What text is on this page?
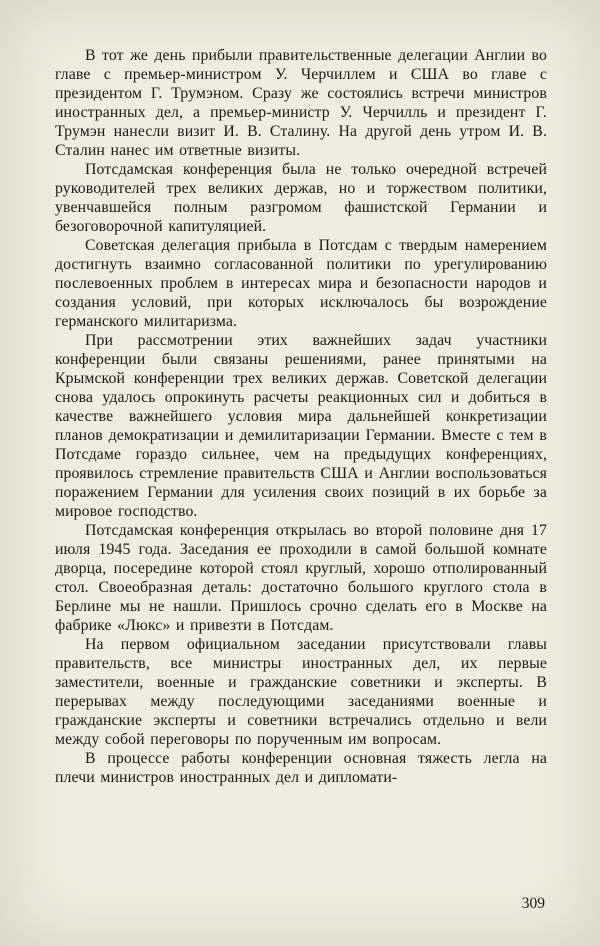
В тот же день прибыли правительственные делегации Англии во главе с премьер-министром У. Черчиллем и США во главе с президентом Г. Трумэном. Сразу же состоялись встречи министров иностранных дел, а премьер-министр У. Черчилль и президент Г. Трумэн нанесли визит И. В. Сталину. На другой день утром И. В. Сталин нанес им ответные визиты.

Потсдамская конференция была не только очередной встречей руководителей трех великих держав, но и торжеством политики, увенчавшейся полным разгромом фашистской Германии и безоговорочной капитуляцией.

Советская делегация прибыла в Потсдам с твердым намерением достигнуть взаимно согласованной политики по урегулированию послевоенных проблем в интересах мира и безопасности народов и создания условий, при которых исключалось бы возрождение германского милитаризма.

При рассмотрении этих важнейших задач участники конференции были связаны решениями, ранее принятыми на Крымской конференции трех великих держав. Советской делегации снова удалось опрокинуть расчеты реакционных сил и добиться в качестве важнейшего условия мира дальнейшей конкретизации планов демократизации и демилитаризации Германии. Вместе с тем в Потсдаме гораздо сильнее, чем на предыдущих конференциях, проявилось стремление правительств США и Англии воспользоваться поражением Германии для усиления своих позиций в их борьбе за мировое господство.

Потсдамская конференция открылась во второй половине дня 17 июля 1945 года. Заседания ее проходили в самой большой комнате дворца, посередине которой стоял круглый, хорошо отполированный стол. Своеобразная деталь: достаточно большого круглого стола в Берлине мы не нашли. Пришлось срочно сделать его в Москве на фабрике «Люкс» и привезти в Потсдам.

На первом официальном заседании присутствовали главы правительств, все министры иностранных дел, их первые заместители, военные и гражданские советники и эксперты. В перерывах между последующими заседаниями военные и гражданские эксперты и советники встречались отдельно и вели между собой переговоры по порученным им вопросам.

В процессе работы конференции основная тяжесть легла на плечи министров иностранных дел и дипломати-

309
